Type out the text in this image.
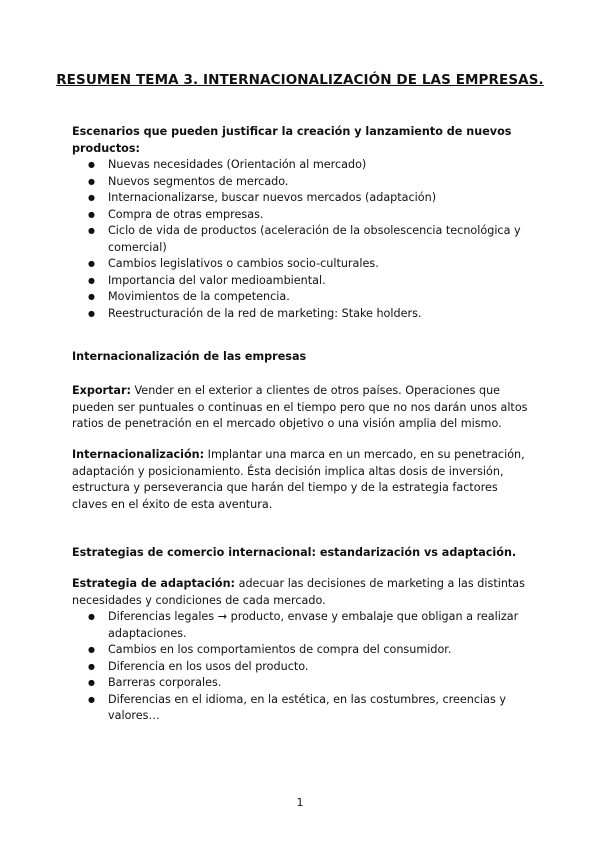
RESUMEN TEMA 3. INTERNACIONALIZACIÓN DE LAS EMPRESAS.
Escenarios que pueden justificar la creación y lanzamiento de nuevos productos:
● Nuevas necesidades (Orientación al mercado)
● Nuevos segmentos de mercado.
● Internacionalizarse, buscar nuevos mercados (adaptación)
● Compra de otras empresas.
● Ciclo de vida de productos (aceleración de la obsolescencia tecnológica y comercial)
● Cambios legislativos o cambios socio-culturales.
● Importancia del valor medioambiental.
● Movimientos de la competencia.
● Reestructuración de la red de marketing: Stake holders.
Internacionalización de las empresas

Exportar: Vender en el exterior a clientes de otros países. Operaciones que pueden ser puntuales o continuas en el tiempo pero que no nos darán unos altos ratios de penetración en el mercado objetivo o una visión amplia del mismo.

Internacionalización: Implantar una marca en un mercado, en su penetración, adaptación y posicionamiento. Ésta decisión implica altas dosis de inversión, estructura y perseverancia que harán del tiempo y de la estrategia factores claves en el éxito de esta aventura.

Estrategias de comercio internacional: estandarización vs adaptación.

Estrategia de adaptación: adecuar las decisiones de marketing a las distintas necesidades y condiciones de cada mercado.

● Diferencias legales → producto, envase y embalaje que obligan a realizar adaptaciones.
● Cambios en los comportamientos de compra del consumidor.
● Diferencia en los usos del producto.
● Barreras corporales.
● Diferencias en el idioma, en la estética, en las costumbres, creencias y valores…
1
